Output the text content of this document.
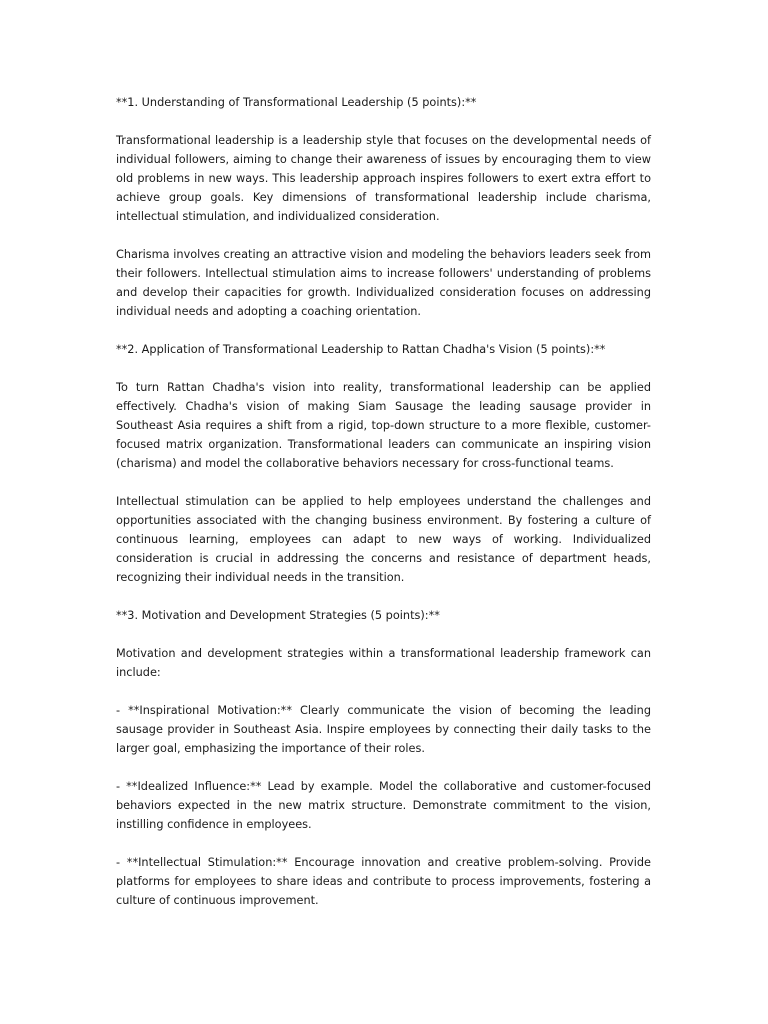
**1. Understanding of Transformational Leadership (5 points):**

Transformational leadership is a leadership style that focuses on the developmental needs of individual followers, aiming to change their awareness of issues by encouraging them to view old problems in new ways. This leadership approach inspires followers to exert extra effort to achieve group goals. Key dimensions of transformational leadership include charisma, intellectual stimulation, and individualized consideration.

Charisma involves creating an attractive vision and modeling the behaviors leaders seek from their followers. Intellectual stimulation aims to increase followers' understanding of problems and develop their capacities for growth. Individualized consideration focuses on addressing individual needs and adopting a coaching orientation.

**2. Application of Transformational Leadership to Rattan Chadha's Vision (5 points):**

To turn Rattan Chadha's vision into reality, transformational leadership can be applied effectively. Chadha's vision of making Siam Sausage the leading sausage provider in Southeast Asia requires a shift from a rigid, top-down structure to a more flexible, customer-focused matrix organization. Transformational leaders can communicate an inspiring vision (charisma) and model the collaborative behaviors necessary for cross-functional teams.

Intellectual stimulation can be applied to help employees understand the challenges and opportunities associated with the changing business environment. By fostering a culture of continuous learning, employees can adapt to new ways of working. Individualized consideration is crucial in addressing the concerns and resistance of department heads, recognizing their individual needs in the transition.

**3. Motivation and Development Strategies (5 points):**

Motivation and development strategies within a transformational leadership framework can include:

- **Inspirational Motivation:** Clearly communicate the vision of becoming the leading sausage provider in Southeast Asia. Inspire employees by connecting their daily tasks to the larger goal, emphasizing the importance of their roles.

- **Idealized Influence:** Lead by example. Model the collaborative and customer-focused behaviors expected in the new matrix structure. Demonstrate commitment to the vision, instilling confidence in employees.

- **Intellectual Stimulation:** Encourage innovation and creative problem-solving. Provide platforms for employees to share ideas and contribute to process improvements, fostering a culture of continuous improvement.
